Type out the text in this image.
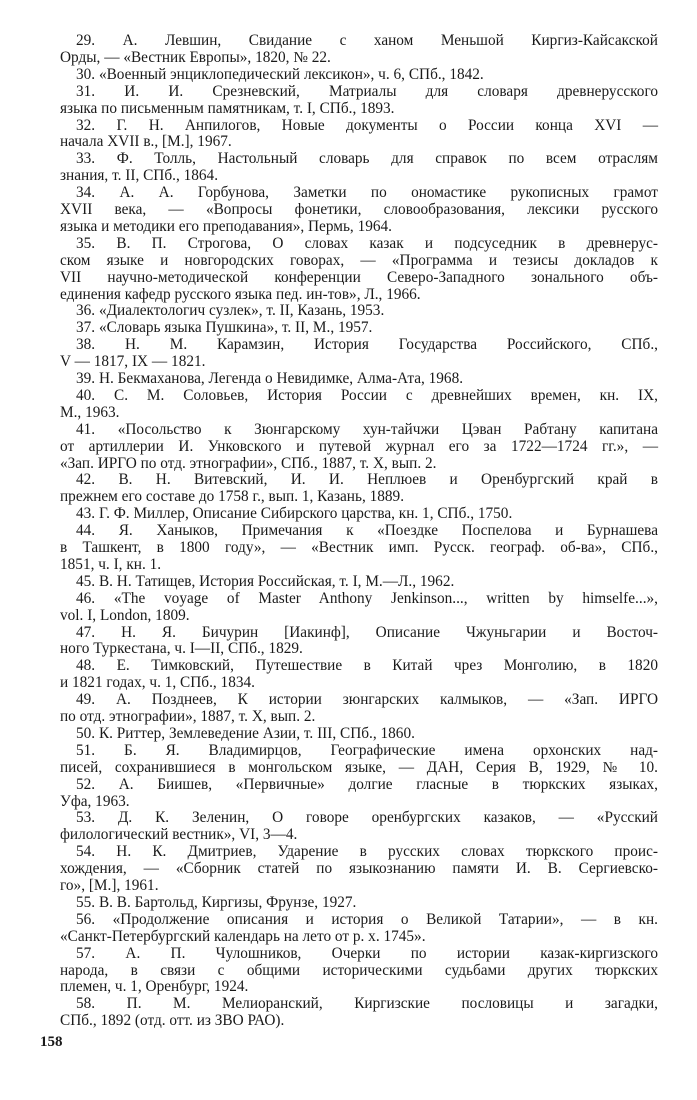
29. А. Левшин, Свидание с ханом Меньшой Киргиз-Кайсакской
Орды, — «Вестник Европы», 1820, № 22.
30. «Военный энциклопедический лексикон», ч. 6, СПб., 1842.
31. И. И. Срезневский, Матриалы для словаря древнерусского
языка по письменным памятникам, т. I, СПб., 1893.
32. Г. Н. Анпилогов, Новые документы о России конца XVI —
начала XVII в., [М.], 1967.
33. Ф. Толль, Настольный словарь для справок по всем отраслям
знания, т. II, СПб., 1864.
34. А. А. Горбунова, Заметки по ономастике рукописных грамот
XVII века, — «Вопросы фонетики, словообразования, лексики русского
языка и методики его преподавания», Пермь, 1964.
35. В. П. Строгова, О словах казак и подсуседник в древнерус-
ском языке и новгородских говорах, — «Программа и тезисы докладов к
VII научно-методической конференции Северо-Западного зонального объ-
единения кафедр русского языка пед. ин-тов», Л., 1966.
36. «Диалектологич сузлек», т. II, Казань, 1953.
37. «Словарь языка Пушкина», т. II, М., 1957.
38. Н. М. Карамзин, История Государства Российского, СПб.,
V — 1817, IX — 1821.
39. Н. Бекмаханова, Легенда о Невидимке, Алма-Ата, 1968.
40. С. М. Соловьев, История России с древнейших времен, кн. IX,
М., 1963.
41. «Посольство к Зюнгарскому хун-тайчжи Цэван Рабтану капитана
от артиллерии И. Унковского и путевой журнал его за 1722—1724 гг.», —
«Зап. ИРГО по отд. этнографии», СПб., 1887, т. X, вып. 2.
42. В. Н. Витевский, И. И. Неплюев и Оренбургский край в
прежнем его составе до 1758 г., вып. 1, Казань, 1889.
43. Г. Ф. Миллер, Описание Сибирского царства, кн. 1, СПб., 1750.
44. Я. Ханыков, Примечания к «Поездке Поспелова и Бурнашева
в Ташкент, в 1800 году», — «Вестник имп. Русск. географ. об-ва», СПб.,
1851, ч. I, кн. 1.
45. В. Н. Татищев, История Российская, т. I, М.—Л., 1962.
46. «The voyage of Master Anthony Jenkinson..., written by himselfe...»,
vol. I, London, 1809.
47. Н. Я. Бичурин [Иакинф], Описание Чжуньгарии и Восточ-
ного Туркестана, ч. I—II, СПб., 1829.
48. Е. Тимковский, Путешествие в Китай чрез Монголию, в 1820
и 1821 годах, ч. 1, СПб., 1834.
49. А. Позднеев, К истории зюнгарских калмыков, — «Зап. ИРГО
по отд. этнографии», 1887, т. X, вып. 2.
50. К. Риттер, Землеведение Азии, т. III, СПб., 1860.
51. Б. Я. Владимирцов, Географические имена орхонских над-
писей, сохранившиеся в монгольском языке, — ДАН, Серия В, 1929, № 10.
52. А. Биишев, «Первичные» долгие гласные в тюркских языках,
Уфа, 1963.
53. Д. К. Зеленин, О говоре оренбургских казаков, — «Русский
филологический вестник», VI, 3—4.
54. Н. К. Дмитриев, Ударение в русских словах тюркского проис-
хождения, — «Сборник статей по языкознанию памяти И. В. Сергиевско-
го», [М.], 1961.
55. В. В. Бартольд, Киргизы, Фрунзе, 1927.
56. «Продолжение описания и история о Великой Татарии», — в кн.
«Санкт-Петербургский календарь на лето от р. х. 1745».
57. А. П. Чулошников, Очерки по истории казак-киргизского
народа, в связи с общими историческими судьбами других тюркских
племен, ч. 1, Оренбург, 1924.
58. П. М. Мелиоранский, Киргизские пословицы и загадки,
СПб., 1892 (отд. отт. из ЗВО РАО).
158
